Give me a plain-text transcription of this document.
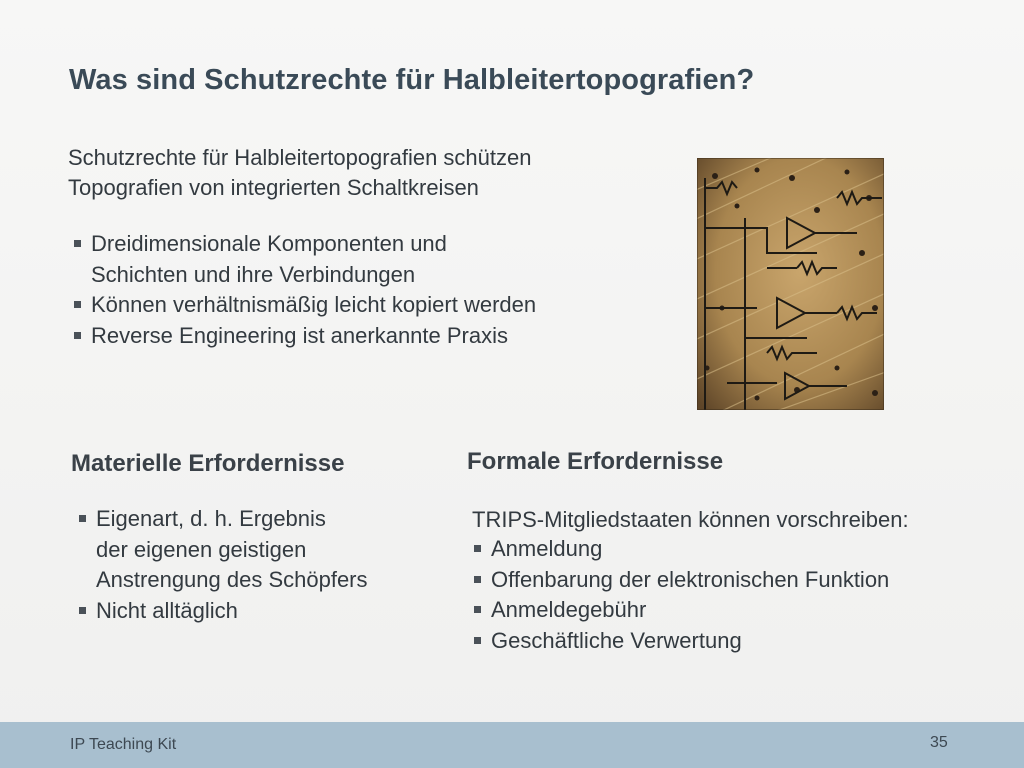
Was sind Schutzrechte für Halbleitertopografien?
Schutzrechte für Halbleitertopografien schützen
Topografien von integrierten Schaltkreisen
Dreidimensionale Komponenten und
Schichten und ihre Verbindungen
Können verhältnismäßig leicht kopiert werden
Reverse Engineering ist anerkannte Praxis
Materielle Erfordernisse
Eigenart, d. h. Ergebnis
der eigenen geistigen
Anstrengung des Schöpfers
Nicht alltäglich
Formale Erfordernisse
TRIPS-Mitgliedstaaten können vorschreiben:
Anmeldung
Offenbarung der elektronischen Funktion
Anmeldegebühr
Geschäftliche Verwertung
IP Teaching Kit	35
